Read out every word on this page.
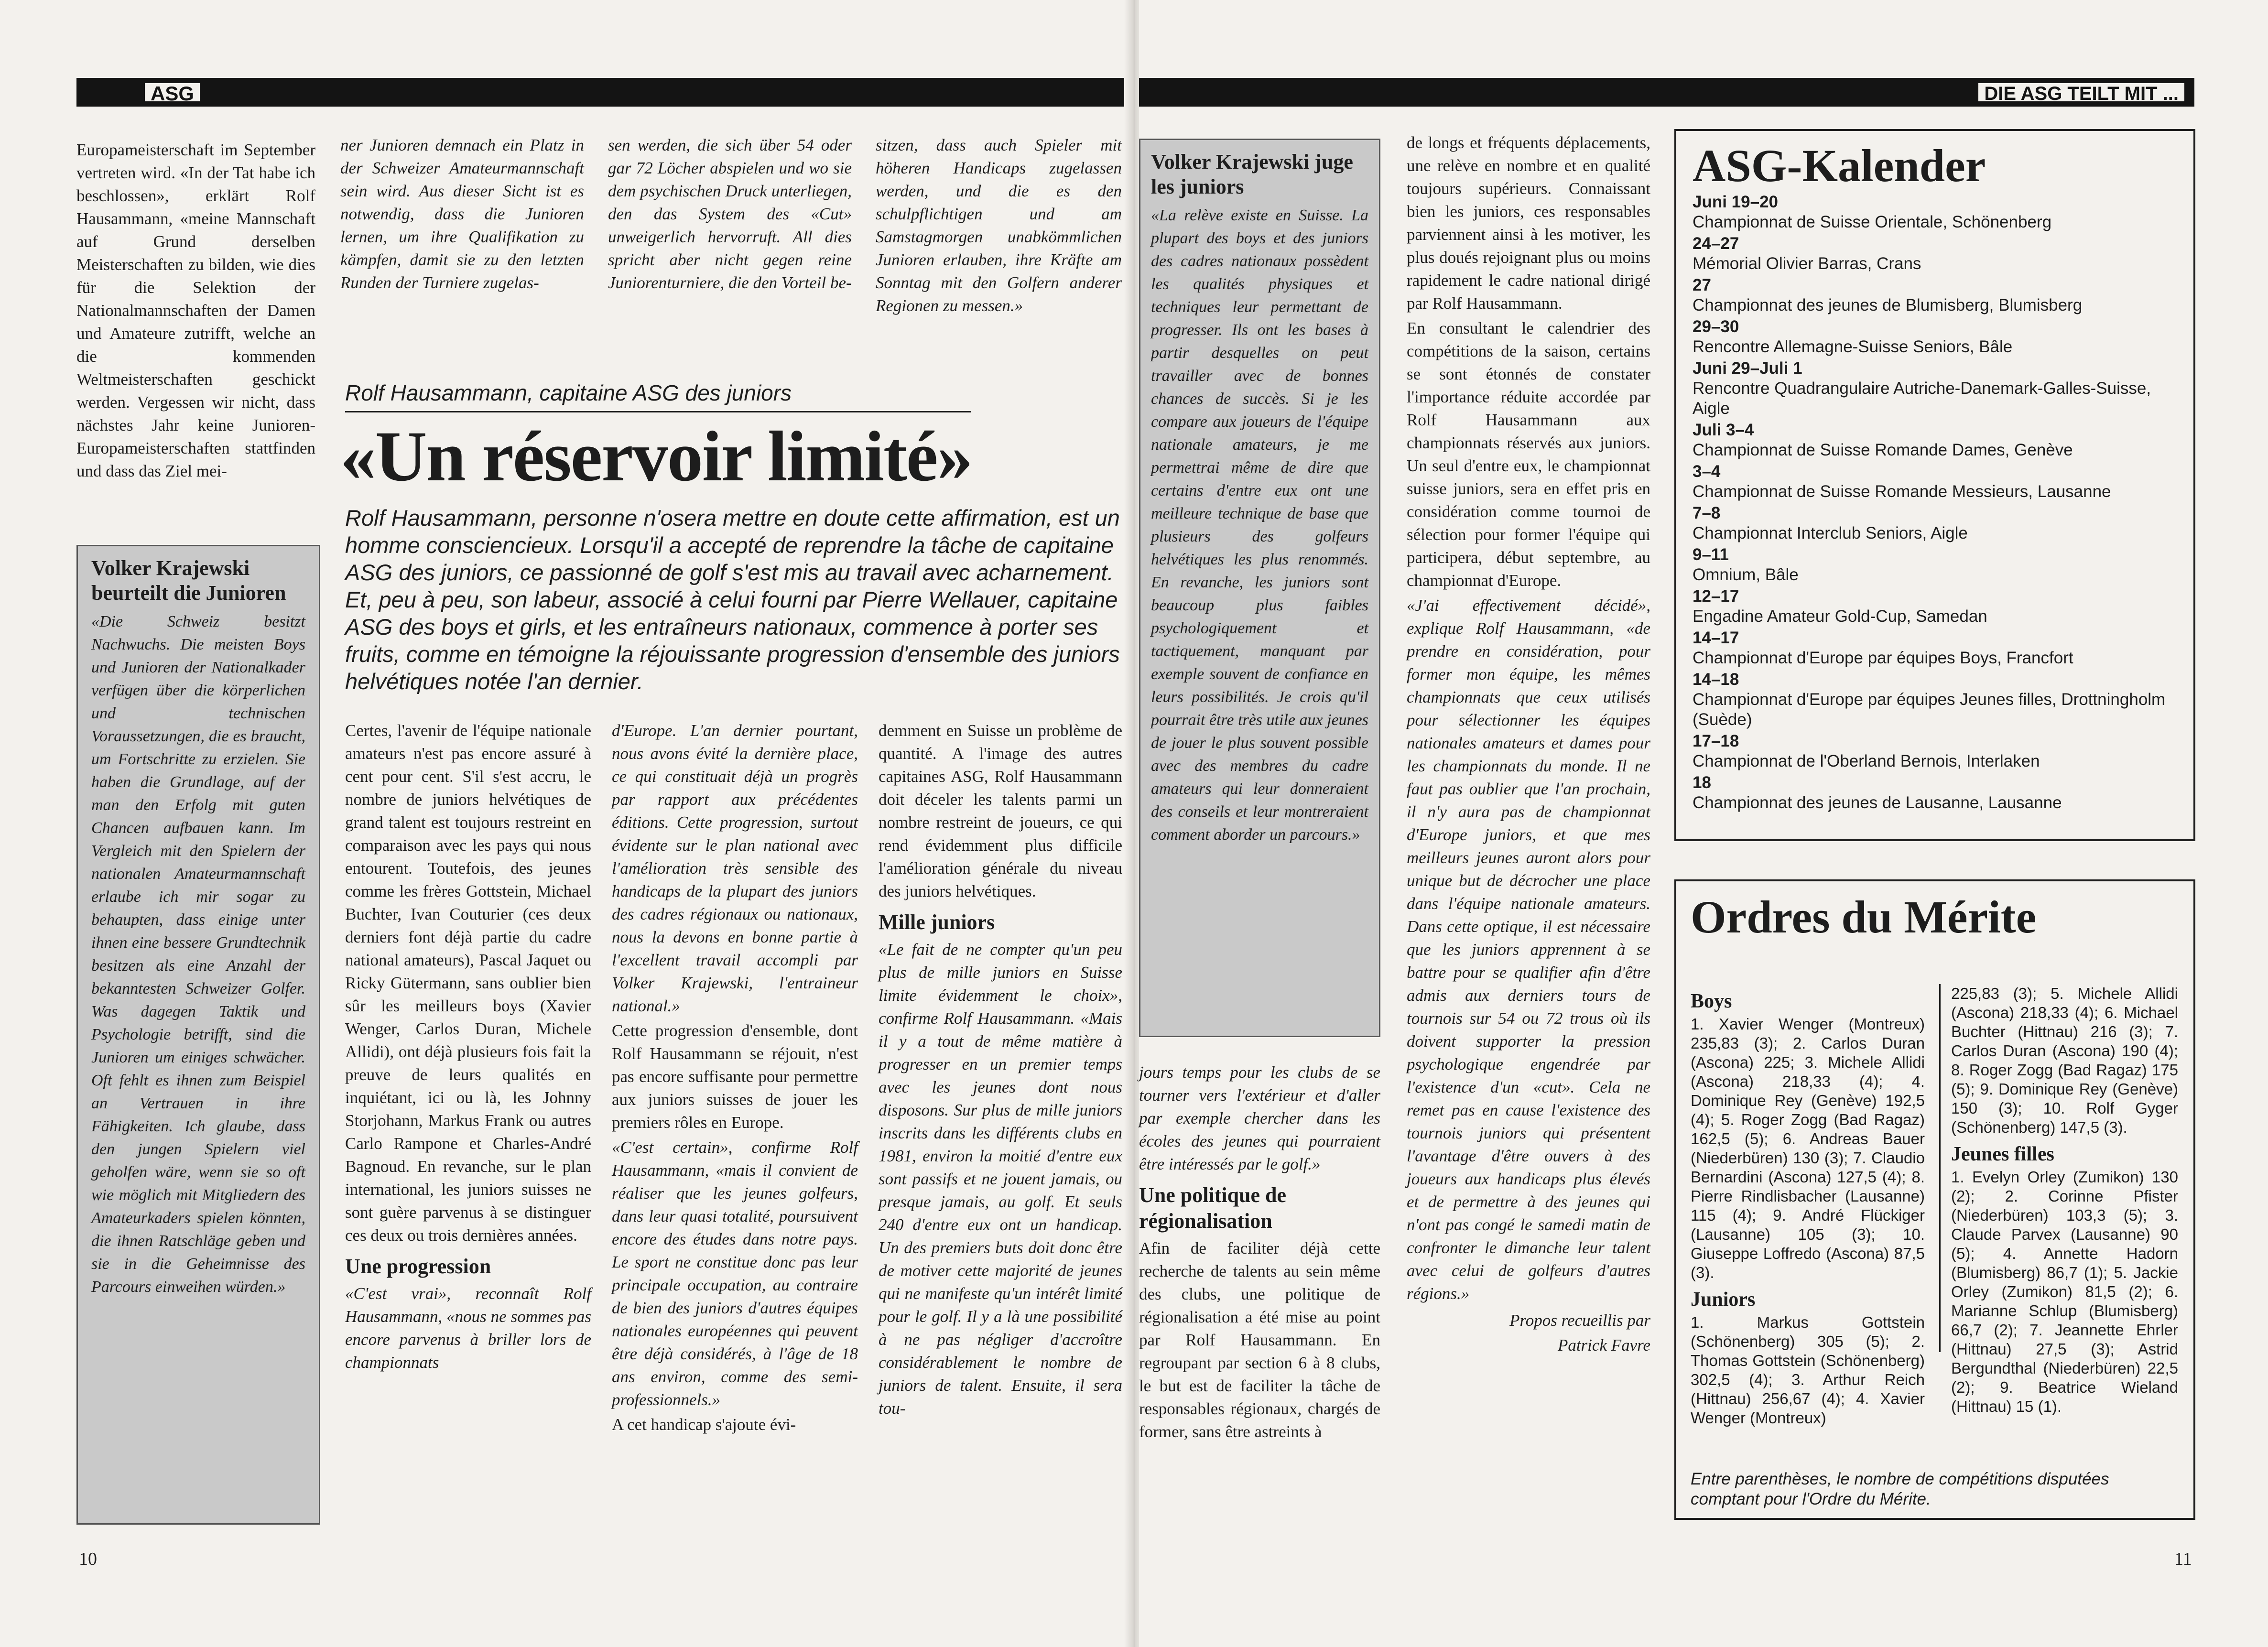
ASG

Europameisterschaft im September vertreten wird. «In der Tat habe ich beschlossen», erklärt Rolf Hausammann, «meine Mannschaft auf Grund derselben Meisterschaften zu bilden, wie dies für die Selektion der Nationalmannschaften der Damen und Amateure zutrifft, welche an die kommenden Weltmeisterschaften geschickt werden. Vergessen wir nicht, dass nächstes Jahr keine Junioren-Europameisterschaften stattfinden und dass das Ziel mei-

ner Junioren demnach ein Platz in der Schweizer Amateurmannschaft sein wird. Aus dieser Sicht ist es notwendig, dass die Junioren lernen, um ihre Qualifikation zu kämpfen, damit sie zu den letzten Runden der Turniere zugelas-

sen werden, die sich über 54 oder gar 72 Löcher abspielen und wo sie dem psychischen Druck unterliegen, den das System des «Cut» unweigerlich hervorruft. All dies spricht aber nicht gegen reine Juniorenturniere, die den Vorteil be-

sitzen, dass auch Spieler mit höheren Handicaps zugelassen werden, und die es den schulpflichtigen und am Samstagmorgen unabkömmlichen Junioren erlauben, ihre Kräfte am Sonntag mit den Golfern anderer Regionen zu messen.»

Volker Krajewski beurteilt die Junioren
«Die Schweiz besitzt Nachwuchs. Die meisten Boys und Junioren der Nationalkader verfügen über die körperlichen und technischen Voraussetzungen, die es braucht, um Fortschritte zu erzielen. Sie haben die Grundlage, auf der man den Erfolg mit guten Chancen aufbauen kann. Im Vergleich mit den Spielern der nationalen Amateurmannschaft erlaube ich mir sogar zu behaupten, dass einige unter ihnen eine bessere Grundtechnik besitzen als eine Anzahl der bekanntesten Schweizer Golfer. Was dagegen Taktik und Psychologie betrifft, sind die Junioren um einiges schwächer. Oft fehlt es ihnen zum Beispiel an Vertrauen in ihre Fähigkeiten. Ich glaube, dass den jungen Spielern viel geholfen wäre, wenn sie so oft wie möglich mit Mitgliedern des Amateurkaders spielen könnten, die ihnen Ratschläge geben und sie in die Geheimnisse des Parcours einweihen würden.»
Rolf Hausammann, capitaine ASG des juniors
«Un réservoir limité»
Rolf Hausammann, personne n'osera mettre en doute cette affirmation, est un homme consciencieux. Lorsqu'il a accepté de reprendre la tâche de capitaine ASG des juniors, ce passionné de golf s'est mis au travail avec acharnement. Et, peu à peu, son labeur, associé à celui fourni par Pierre Wellauer, capitaine ASG des boys et girls, et les entraîneurs nationaux, commence à porter ses fruits, comme en témoigne la réjouissante progression d'ensemble des juniors helvétiques notée l'an dernier.

Certes, l'avenir de l'équipe nationale amateurs n'est pas encore assuré à cent pour cent. S'il s'est accru, le nombre de juniors helvétiques de grand talent est toujours restreint en comparaison avec les pays qui nous entourent. Toutefois, des jeunes comme les frères Gottstein, Michael Buchter, Ivan Couturier (ces deux derniers font déjà partie du cadre national amateurs), Pascal Jaquet ou Ricky Gütermann, sans oublier bien sûr les meilleurs boys (Xavier Wenger, Carlos Duran, Michele Allidi), ont déjà plusieurs fois fait la preuve de leurs qualités en inquiétant, ici ou là, les Johnny Storjohann, Markus Frank ou autres Carlo Rampone et Charles-André Bagnoud. En revanche, sur le plan international, les juniors suisses ne sont guère parvenus à se distinguer ces deux ou trois dernières années.

Une progression

«C'est vrai», reconnaît Rolf Hausammann, «nous ne sommes pas encore parvenus à briller lors de championnats

d'Europe. L'an dernier pourtant, nous avons évité la dernière place, ce qui constituait déjà un progrès par rapport aux précédentes éditions. Cette progression, surtout évidente sur le plan national avec l'amélioration très sensible des handicaps de la plupart des juniors des cadres régionaux ou nationaux, nous la devons en bonne partie à l'excellent travail accompli par Volker Krajewski, l'entraineur national.»

Cette progression d'ensemble, dont Rolf Hausammann se réjouit, n'est pas encore suffisante pour permettre aux juniors suisses de jouer les premiers rôles en Europe.

«C'est certain», confirme Rolf Hausammann, «mais il convient de réaliser que les jeunes golfeurs, dans leur quasi totalité, poursuivent encore des études dans notre pays. Le sport ne constitue donc pas leur principale occupation, au contraire de bien des juniors d'autres équipes nationales européennes qui peuvent être déjà considérés, à l'âge de 18 ans environ, comme des semi-professionnels.»

A cet handicap s'ajoute évi-

demment en Suisse un problème de quantité. A l'image des autres capitaines ASG, Rolf Hausammann doit déceler les talents parmi un nombre restreint de joueurs, ce qui rend évidemment plus difficile l'amélioration générale du niveau des juniors helvétiques.

Mille juniors

«Le fait de ne compter qu'un peu plus de mille juniors en Suisse limite évidemment le choix», confirme Rolf Hausammann. «Mais il y a tout de même matière à progresser en un premier temps avec les jeunes dont nous disposons. Sur plus de mille juniors inscrits dans les différents clubs en 1981, environ la moitié d'entre eux sont passifs et ne jouent jamais, ou presque jamais, au golf. Et seuls 240 d'entre eux ont un handicap. Un des premiers buts doit donc être de motiver cette majorité de jeunes qui ne manifeste qu'un intérêt limité pour le golf. Il y a là une possibilité à ne pas négliger d'accroître considérablement le nombre de juniors de talent. Ensuite, il sera tou-

10
DIE ASG TEILT MIT ...
Volker Krajewski juge les juniors
«La relève existe en Suisse. La plupart des boys et des juniors des cadres nationaux possèdent les qualités physiques et techniques leur permettant de progresser. Ils ont les bases à partir desquelles on peut travailler avec de bonnes chances de succès. Si je les compare aux joueurs de l'équipe nationale amateurs, je me permettrai même de dire que certains d'entre eux ont une meilleure technique de base que plusieurs des golfeurs helvétiques les plus renommés. En revanche, les juniors sont beaucoup plus faibles psychologiquement et tactiquement, manquant par exemple souvent de confiance en leurs possibilités. Je crois qu'il pourrait être très utile aux jeunes de jouer le plus souvent possible avec des membres du cadre amateurs qui leur donneraient des conseils et leur montreraient comment aborder un parcours.»

jours temps pour les clubs de se tourner vers l'extérieur et d'aller par exemple chercher dans les écoles des jeunes qui pourraient être intéressés par le golf.»

Une politique de régionalisation

Afin de faciliter déjà cette recherche de talents au sein même des clubs, une politique de régionalisation a été mise au point par Rolf Hausammann. En regroupant par section 6 à 8 clubs, le but est de faciliter la tâche de responsables régionaux, chargés de former, sans être astreints à

de longs et fréquents déplacements, une relève en nombre et en qualité toujours supérieurs. Connaissant bien les juniors, ces responsables parviennent ainsi à les motiver, les plus doués rejoignant plus ou moins rapidement le cadre national dirigé par Rolf Hausammann.

En consultant le calendrier des compétitions de la saison, certains se sont étonnés de constater l'importance réduite accordée par Rolf Hausammann aux championnats réservés aux juniors. Un seul d'entre eux, le championnat suisse juniors, sera en effet pris en considération comme tournoi de sélection pour former l'équipe qui participera, début septembre, au championnat d'Europe.

«J'ai effectivement décidé», explique Rolf Hausammann, «de prendre en considération, pour former mon équipe, les mêmes championnats que ceux utilisés pour sélectionner les équipes nationales amateurs et dames pour les championnats du monde. Il ne faut pas oublier que l'an prochain, il n'y aura pas de championnat d'Europe juniors, et que mes meilleurs jeunes auront alors pour unique but de décrocher une place dans l'équipe nationale amateurs. Dans cette optique, il est nécessaire que les juniors apprennent à se battre pour se qualifier afin d'être admis aux derniers tours de tournois sur 54 ou 72 trous où ils doivent supporter la pression psychologique engendrée par l'existence d'un «cut». Cela ne remet pas en cause l'existence des tournois juniors qui présentent l'avantage d'être ouvers à des joueurs aux handicaps plus élevés et de permettre à des jeunes qui n'ont pas congé le samedi matin de confronter le dimanche leur talent avec celui de golfeurs d'autres régions.»

Propos recueillis par

Patrick Favre

ASG-Kalender
Juni 19–20
Championnat de Suisse Orientale, Schönenberg
24–27
Mémorial Olivier Barras, Crans
27
Championnat des jeunes de Blumisberg, Blumisberg
29–30
Rencontre Allemagne-Suisse Seniors, Bâle
Juni 29–Juli 1
Rencontre Quadrangulaire Autriche-Danemark-Galles-Suisse, Aigle
Juli 3–4
Championnat de Suisse Romande Dames, Genève
3–4
Championnat de Suisse Romande Messieurs, Lausanne
7–8
Championnat Interclub Seniors, Aigle
9–11
Omnium, Bâle
12–17
Engadine Amateur Gold-Cup, Samedan
14–17
Championnat d'Europe par équipes Boys, Francfort
14–18
Championnat d'Europe par équipes Jeunes filles, Drottningholm (Suède)
17–18
Championnat de l'Oberland Bernois, Interlaken
18
Championnat des jeunes de Lausanne, Lausanne
Ordres du Mérite
Boys
1. Xavier Wenger (Montreux) 235,83 (3); 2. Carlos Duran (Ascona) 225; 3. Michele Allidi (Ascona) 218,33 (4); 4. Dominique Rey (Genève) 192,5 (4); 5. Roger Zogg (Bad Ragaz) 162,5 (5); 6. Andreas Bauer (Niederbüren) 130 (3); 7. Claudio Bernardini (Ascona) 127,5 (4); 8. Pierre Rindlisbacher (Lausanne) 115 (4); 9. André Flückiger (Lausanne) 105 (3); 10. Giuseppe Loffredo (Ascona) 87,5 (3).
Juniors
1. Markus Gottstein (Schönenberg) 305 (5); 2. Thomas Gottstein (Schönenberg) 302,5 (4); 3. Arthur Reich (Hittnau) 256,67 (4); 4. Xavier Wenger (Montreux)
225,83 (3); 5. Michele Allidi (Ascona) 218,33 (4); 6. Michael Buchter (Hittnau) 216 (3); 7. Carlos Duran (Ascona) 190 (4); 8. Roger Zogg (Bad Ragaz) 175 (5); 9. Dominique Rey (Genève) 150 (3); 10. Rolf Gyger (Schönenberg) 147,5 (3).
Jeunes filles
1. Evelyn Orley (Zumikon) 130 (2); 2. Corinne Pfister (Niederbüren) 103,3 (5); 3. Claude Parvex (Lausanne) 90 (5); 4. Annette Hadorn (Blumisberg) 86,7 (1); 5. Jackie Orley (Zumikon) 81,5 (2); 6. Marianne Schlup (Blumisberg) 66,7 (2); 7. Jeannette Ehrler (Hittnau) 27,5 (3); Astrid Bergundthal (Niederbüren) 22,5 (2); 9. Beatrice Wieland (Hittnau) 15 (1).
Entre parenthèses, le nombre de compétitions disputées comptant pour l'Ordre du Mérite.
11
